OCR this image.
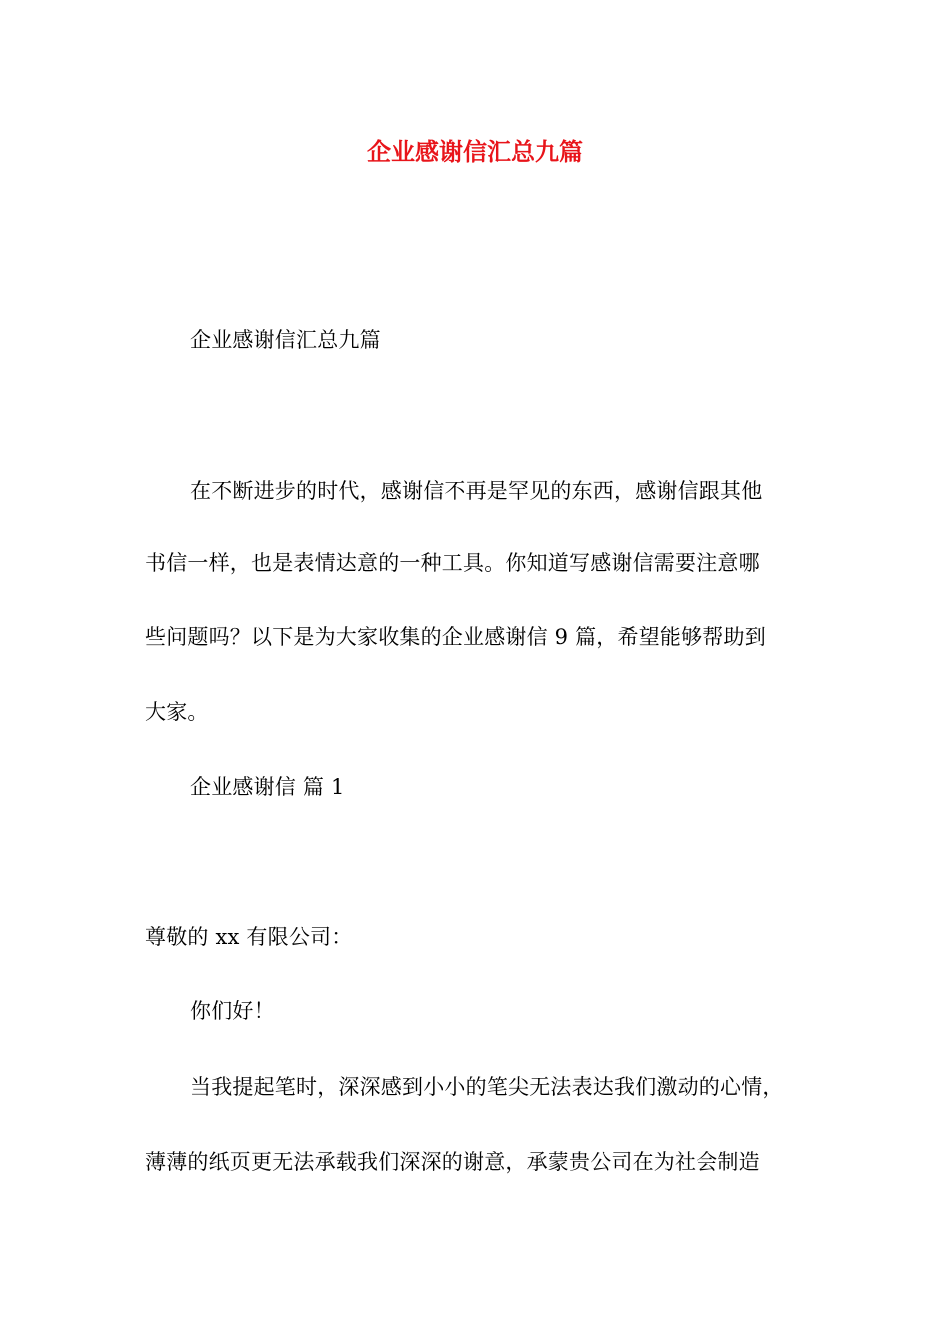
企业感谢信汇总九篇
企业感谢信汇总九篇
在不断进步的时代，感谢信不再是罕见的东西，感谢信跟其他
书信一样，也是表情达意的一种工具。你知道写感谢信需要注意哪
些问题吗？以下是为大家收集的企业感谢信 9 篇，希望能够帮助到
大家。
企业感谢信 篇 1
尊敬的 xx 有限公司：
你们好！
当我提起笔时，深深感到小小的笔尖无法表达我们激动的心情，
薄薄的纸页更无法承载我们深深的谢意，承蒙贵公司在为社会制造
